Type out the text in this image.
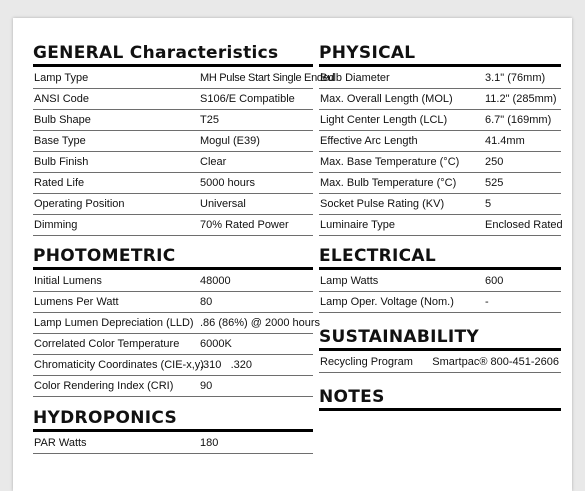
GENERAL Characteristics
Lamp Type	MH Pulse Start Single Ended
ANSI Code	S106/E Compatible
Bulb Shape	T25
Base Type	Mogul (E39)
Bulb Finish	Clear
Rated Life	5000 hours
Operating Position	Universal
Dimming	70% Rated Power
PHOTOMETRIC
Initial Lumens	48000
Lumens Per Watt	80
Lamp Lumen Depreciation (LLD) .86 (86%) @ 2000 hours
Correlated Color Temperature 6000K
Chromaticity Coordinates (CIE-x,y)
.310   .320
Color Rendering Index (CRI) 90
HYDROPONICS
PAR Watts	180
PHYSICAL
Bulb Diameter	3.1" (76mm)
Max. Overall Length (MOL)	11.2" (285mm)
Light Center Length (LCL)	6.7" (169mm)
Effective Arc Length	41.4mm
Max. Base Temperature (°C) 250
Max. Bulb Temperature (°C)	525
Socket Pulse Rating (KV)	5
Luminaire Type	Enclosed Rated
ELECTRICAL
Lamp Watts	600
Lamp Oper. Voltage (Nom.)	-
SUSTAINABILITY
Recycling Program Smartpac® 800-451-2606
NOTES
